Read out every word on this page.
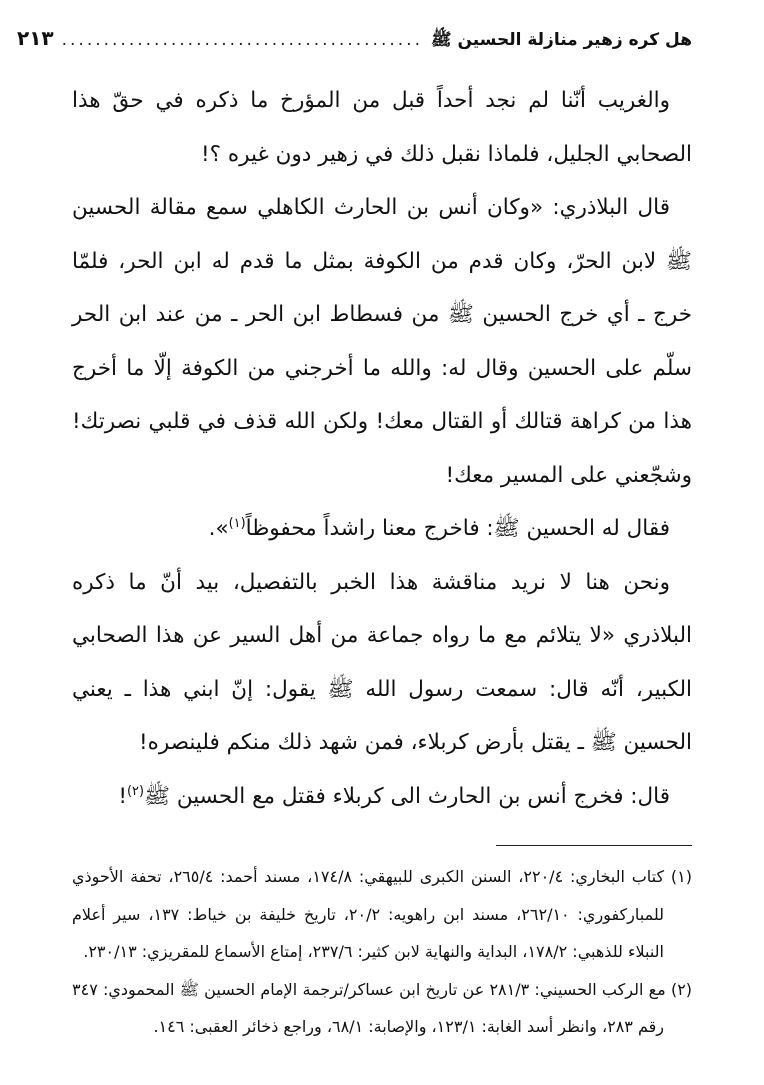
هل كره زهير منازلة الحسين ﷺ
...........................................
٢١٣

والغريب أنّنا لم نجد أحداً قبل من المؤرخ ما ذكره في حقّ هذا الصحابي الجليل، فلماذا نقبل ذلك في زهير دون غيره ؟!

قال البلاذري: «وكان أنس بن الحارث الكاهلي سمع مقالة الحسين ﷺ لابن الحرّ، وكان قدم من الكوفة بمثل ما قدم له ابن الحر، فلمّا خرج ـ أي خرج الحسين ﷺ من فسطاط ابن الحر ـ من عند ابن الحر سلّم على الحسين وقال له: والله ما أخرجني من الكوفة إلّا ما أخرج هذا من كراهة قتالك أو القتال معك! ولكن الله قذف في قلبي نصرتك! وشجّعني على المسير معك!

فقال له الحسين ﷺ: فاخرج معنا راشداً محفوظاً$^{(١)}$».

ونحن هنا لا نريد مناقشة هذا الخبر بالتفصيل، بيد أنّ ما ذكره البلاذري «لا يتلائم مع ما رواه جماعة من أهل السير عن هذا الصحابي الكبير، أنّه قال: سمعت رسول الله ﷺ يقول: إنّ ابني هذا ـ يعني الحسين ﷺ ـ يقتل بأرض كربلاء، فمن شهد ذلك منكم فلينصره!

قال: فخرج أنس بن الحارث الى كربلاء فقتل مع الحسين ﷺ$^{(٢)}$!

(١) كتاب البخاري: ٢٢٠/٤، السنن الكبرى للبيهقي: ١٧٤/٨، مسند أحمد: ٢٦٥/٤، تحفة الأحوذي للمباركفوري: ٢٦٢/١٠، مسند ابن راهويه: ٢٠/٢، تاريخ خليفة بن خياط: ١٣٧، سير أعلام النبلاء للذهبي: ١٧٨/٢، البداية والنهاية لابن كثير: ٢٣٧/٦، إمتاع الأسماع للمقريزي: ٢٣٠/١٣.

(٢) مع الركب الحسيني: ٢٨١/٣ عن تاريخ ابن عساكر/ترجمة الإمام الحسين ﷺ المحمودي: ٣٤٧ رقم ٢٨٣، وانظر أسد الغابة: ١٢٣/١، والإصابة: ٦٨/١، وراجع ذخائر العقبى: ١٤٦.
